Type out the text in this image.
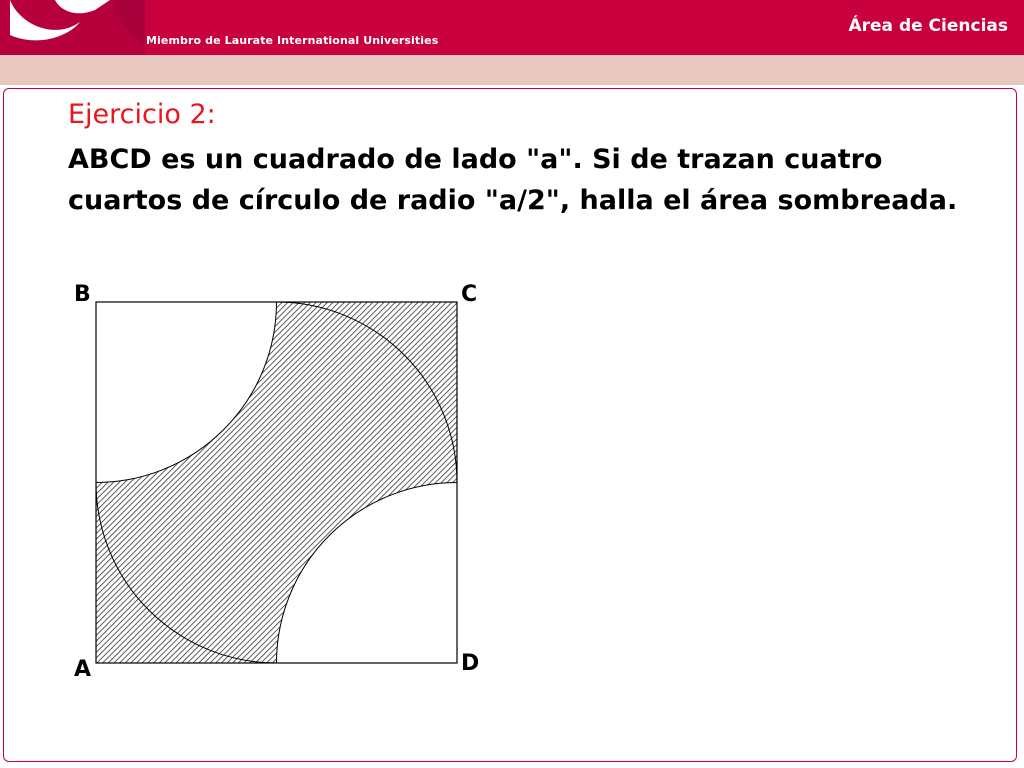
Miembro de Laurate International Universities
Área de Ciencias
Ejercicio 2:
ABCD es un cuadrado de lado "a". Si de trazan cuatro cuartos de círculo de radio "a/2", halla el área sombreada.
B	C
D
A
